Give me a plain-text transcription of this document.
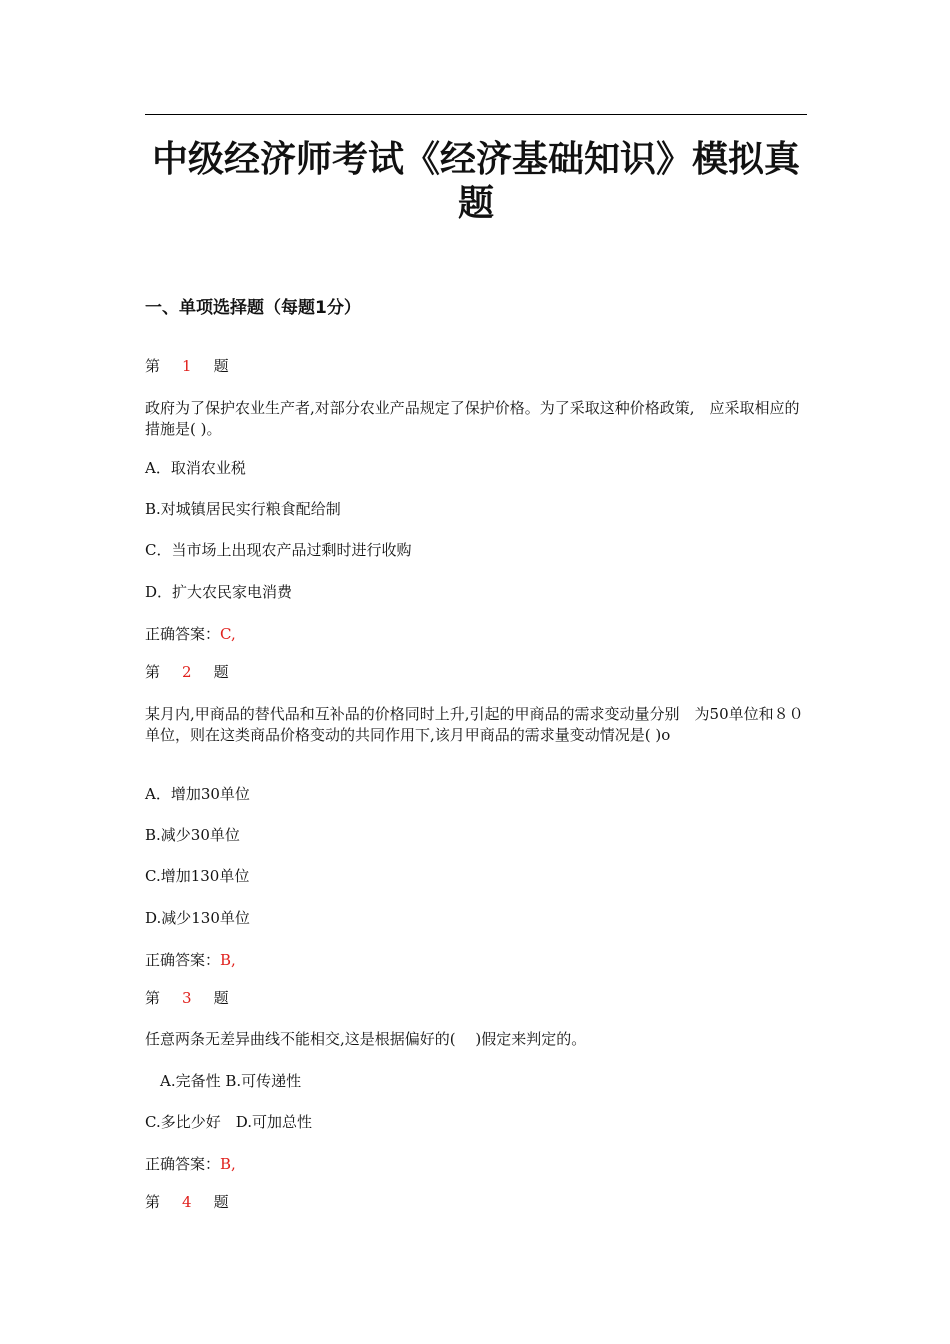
中级经济师考试《经济基础知识》模拟真题
一、单项选择题（每题1分）
第 1 题
政府为了保护农业生产者,对部分农业产品规定了保护价格。为了采取这种价格政策,　应采取相应的措施是( )。
A．取消农业税
B.对城镇居民实行粮食配给制
C．当市场上出现农产品过剩时进行收购
D．扩大农民家电消费
正确答案：C,
第 2 题
某月内,甲商品的替代品和互补品的价格同时上升,引起的甲商品的需求变动量分别　为50单位和８０单位，则在这类商品价格变动的共同作用下,该月甲商品的需求量变动情况是( )o
A．增加30单位
B.减少30单位
C.增加130单位
D.减少130单位
正确答案：B,
第 3 题
任意两条无差异曲线不能相交,这是根据偏好的(　 )假定来判定的。
A.完备性 B.可传递性
C.多比少好　D.可加总性
正确答案：B,
第 4 题
